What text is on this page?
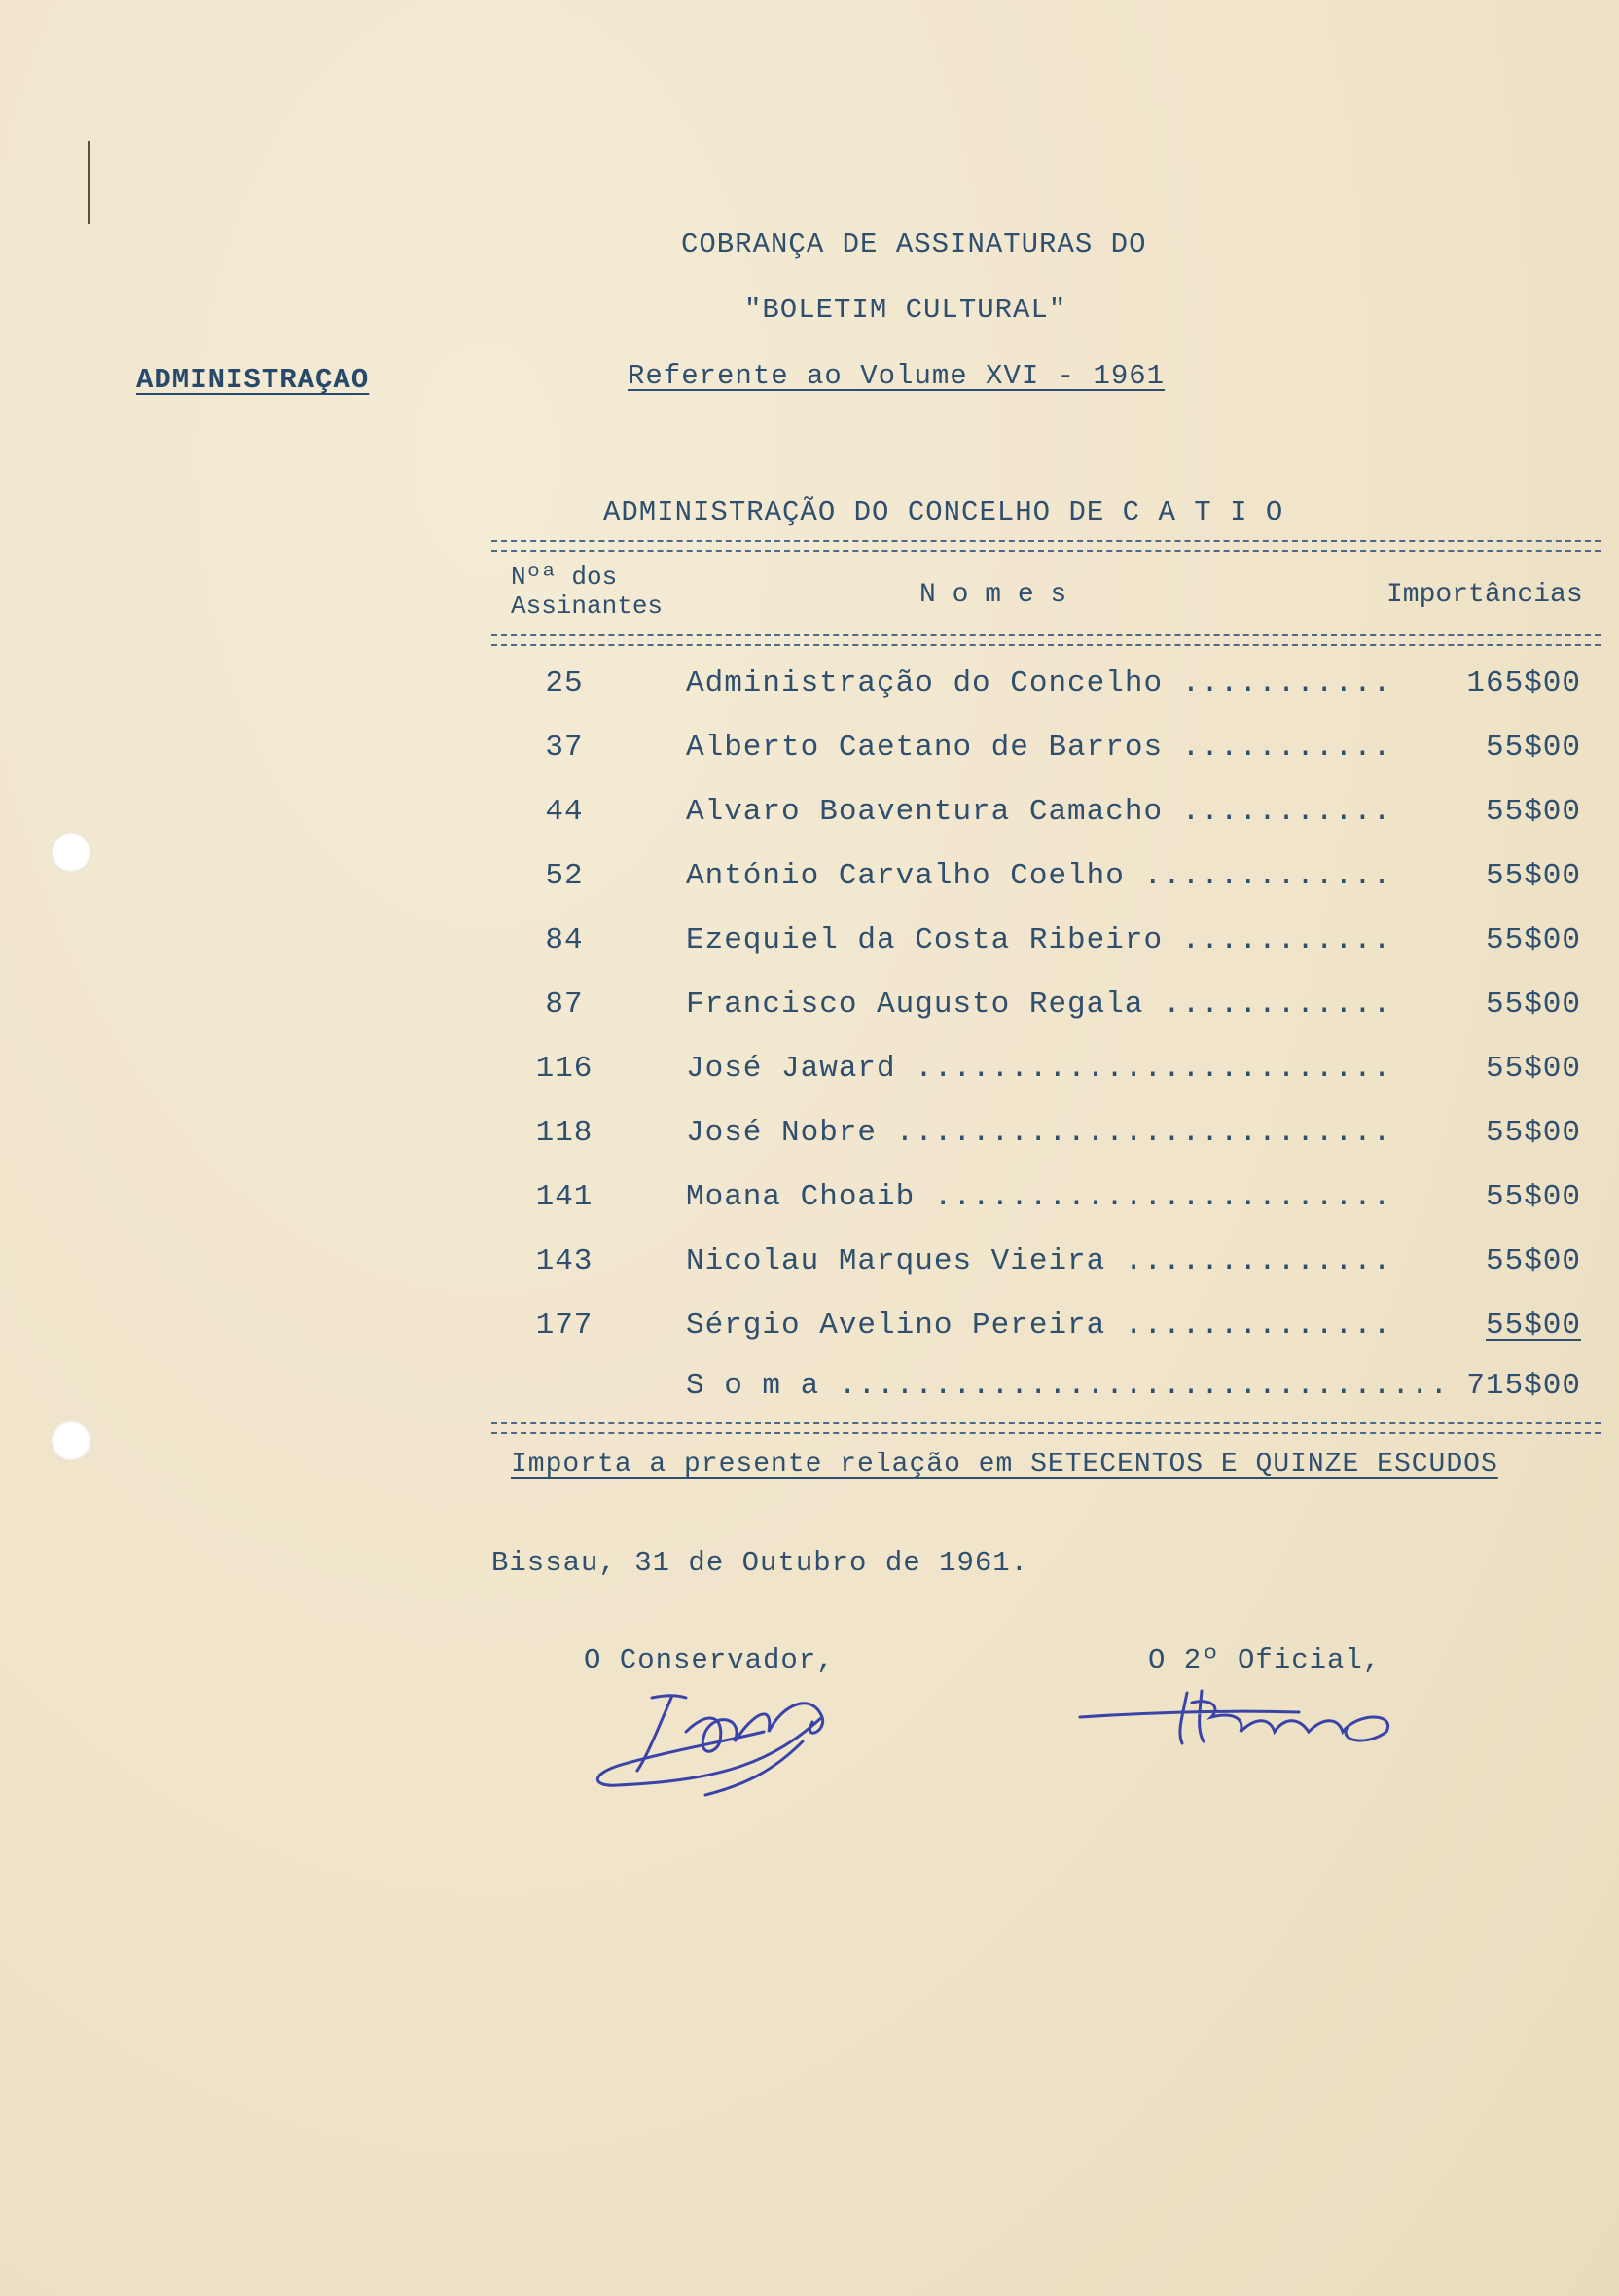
COBRANÇA DE ASSINATURAS DO
"BOLETIM CULTURAL"
Referente ao Volume XVI - 1961
ADMINISTRAÇAO
ADMINISTRAÇÃO DO CONCELHO DE C A T I O
Nºª dos
Assinantes	N o m e s	Importâncias
25	Administração do Concelho .....	165$00
37	Alberto Caetano de Barros .....	55$00
44	Alvaro Boaventura Camacho .....	55$00
52	António Carvalho Coelho .....	55$00
84	Ezequiel da Costa Ribeiro .....	55$00
87	Francisco Augusto Regala .....	55$00
116	José Jaward .....	55$00
118	José Nobre .....	55$00
141	Moana Choaib .....	55$00
143	Nicolau Marques Vieira .....	55$00
177	Sérgio Avelino Pereira .....	55$00
S o m a .....	715$00
Importa a presente relação em SETECENTOS E QUINZE ESCUDOS
Bissau, 31 de Outubro de 1961.
O Conservador,	O 2º Oficial,
